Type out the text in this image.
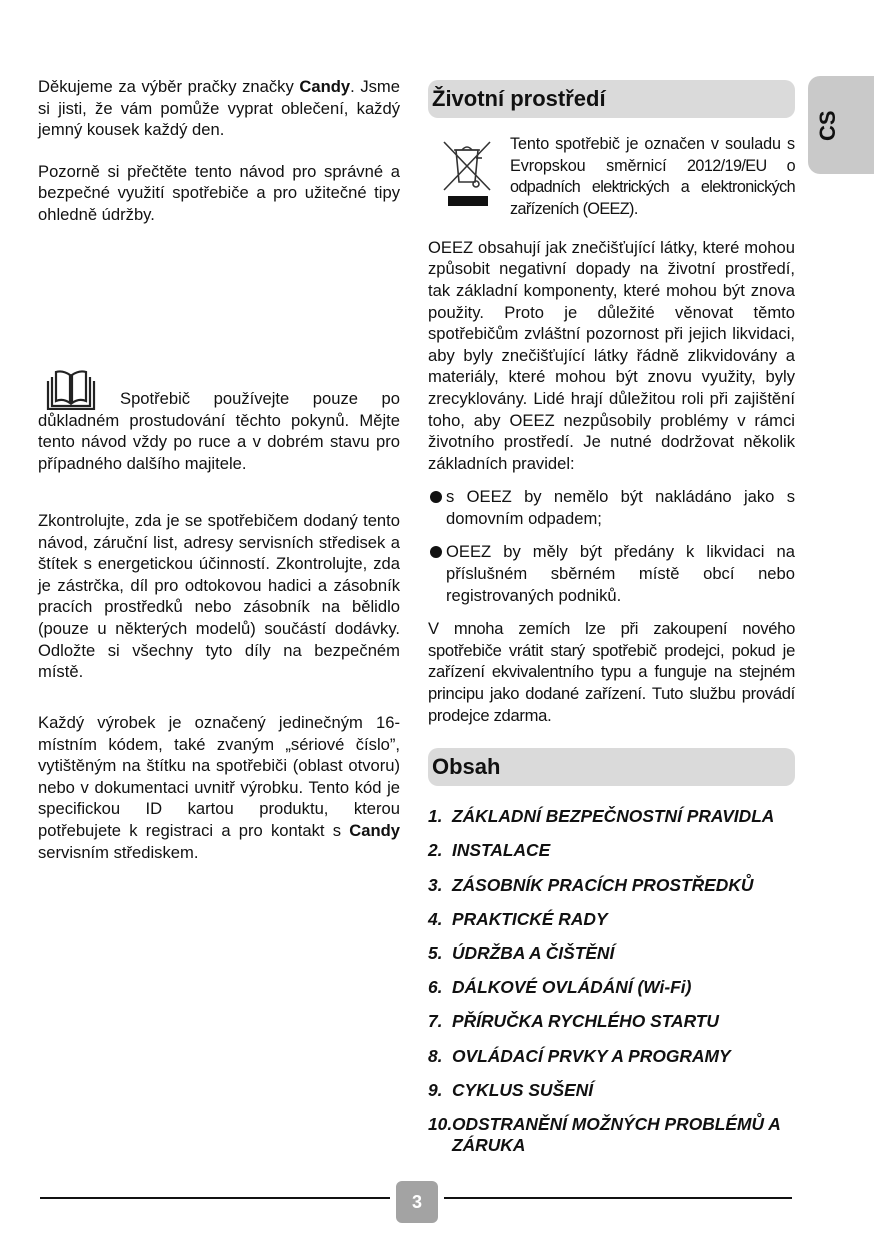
CS

Děkujeme za výběr pračky značky Candy. Jsme si jisti, že vám pomůže vyprat oblečení, každý jemný kousek každý den.

Pozorně si přečtěte tento návod pro správné a bezpečné využití spotřebiče a pro užitečné tipy ohledně údržby.

Spotřebič používejte pouze po důkladném prostudování těchto pokynů. Mějte tento návod vždy po ruce a v dobrém stavu pro případného dalšího majitele.

Zkontrolujte, zda je se spotřebičem dodaný tento návod, záruční list, adresy servisních středisek a štítek s energetickou účinností. Zkontrolujte, zda je zástrčka, díl pro odtokovou hadici a zásobník pracích prostředků nebo zásobník na bělidlo (pouze u některých modelů) součástí dodávky. Odložte si všechny tyto díly na bezpečném místě.

Každý výrobek je označený jedinečným 16-místním kódem, také zvaným „sériové číslo”, vytištěným na štítku na spotřebiči (oblast otvoru) nebo v dokumentaci uvnitř výrobku. Tento kód je specifickou ID kartou produktu, kterou potřebujete k registraci a pro kontakt s Candy servisním střediskem.

Životní prostředí

Tento spotřebič je označen v souladu s Evropskou směrnicí 2012/19/EU o odpadních elektrických a elektronických zařízeních (OEEZ).

OEEZ obsahují jak znečišťující látky, které mohou způsobit negativní dopady na životní prostředí, tak základní komponenty, které mohou být znova použity. Proto je důležité věnovat těmto spotřebičům zvláštní pozornost při jejich likvidaci, aby byly znečišťující látky řádně zlikvidovány a materiály, které mohou být znovu využity, byly zrecyklovány. Lidé hrají důležitou roli při zajištění toho, aby OEEZ nezpůsobily problémy v rámci životního prostředí. Je nutné dodržovat několik základních pravidel:

s OEEZ by nemělo být nakládáno jako s domovním odpadem;
OEEZ by měly být předány k likvidaci na příslušném sběrném místě obcí nebo registrovaných podniků.

V mnoha zemích lze při zakoupení nového spotřebiče vrátit starý spotřebič prodejci, pokud je zařízení ekvivalentního typu a funguje na stejném principu jako dodané zařízení. Tuto službu provádí prodejce zdarma.

Obsah
1. ZÁKLADNÍ BEZPEČNOSTNÍ PRAVIDLA
2. INSTALACE
3. ZÁSOBNÍK PRACÍCH PROSTŘEDKŮ
4. PRAKTICKÉ RADY
5. ÚDRŽBA A ČIŠTĚNÍ
6. DÁLKOVÉ OVLÁDÁNÍ (Wi-Fi)
7. PŘÍRUČKA RYCHLÉHO STARTU
8. OVLÁDACÍ PRVKY A PROGRAMY
9. CYKLUS SUŠENÍ
10. ODSTRANĚNÍ MOŽNÝCH PROBLÉMŮ A ZÁRUKA
3
